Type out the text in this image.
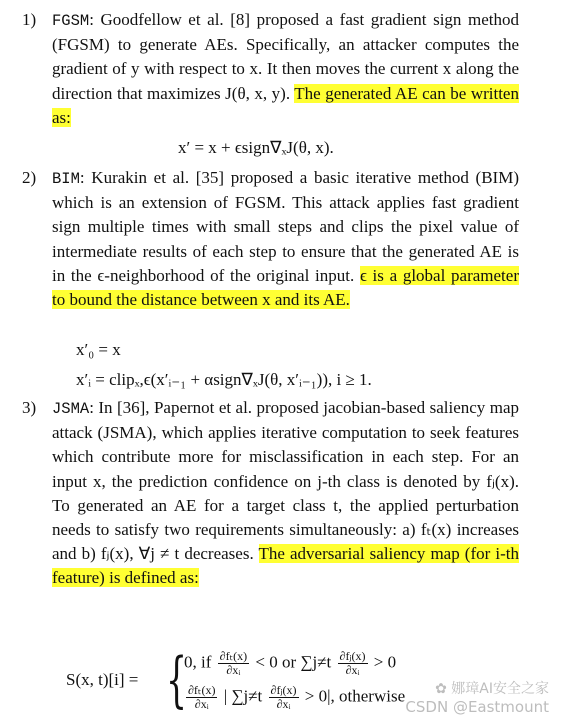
1) FGSM: Goodfellow et al. [8] proposed a fast gradient sign method (FGSM) to generate AEs. Specifically, an attacker computes the gradient of y with respect to x. It then moves the current x along the direction that maximizes J(θ, x, y). The generated AE can be written as:
x′ = x + ϵsign∇ₓJ(θ, x).
2) BIM: Kurakin et al. [35] proposed a basic iterative method (BIM) which is an extension of FGSM. This attack applies fast gradient sign multiple times with small steps and clips the pixel value of intermediate results of each step to ensure that the generated AE is in the ϵ-neighborhood of the original input. ϵ is a global parameter to bound the distance between x and its AE.
x′₀ = x
x′ᵢ = clipₓ,ϵ(x′ᵢ₋₁ + αsign∇ₓJ(θ, x′ᵢ₋₁)), i ≥ 1.
3) JSMA: In [36], Papernot et al. proposed jacobian-based saliency map attack (JSMA), which applies iterative computation to seek features which contribute more for misclassification in each step. For an input x, the prediction confidence on j-th class is denoted by fⱼ(x). To generated an AE for a target class t, the applied perturbation needs to satisfy two requirements simultaneously: a) fₜ(x) increases and b) fⱼ(x), ∀j ≠ t decreases. The adversarial saliency map (for i-th feature) is defined as:
S(x, t)[i] = {
0, if $\frac{\text{∂fₜ(x)}}{\text{∂xᵢ}} < 0$ or $\sum j\ne t \frac{\text{∂fⱼ(x)}}{\text{∂xᵢ}} > 0$
$\frac{\text{∂fₜ(x)}}{\text{∂xᵢ}}$ | $\sum j\ne t \frac{\text{∂fⱼ(x)}}{\text{∂xᵢ}} > 0|$, otherwise	✿ 娜璋AI安全之家
CSDN @Eastmount
